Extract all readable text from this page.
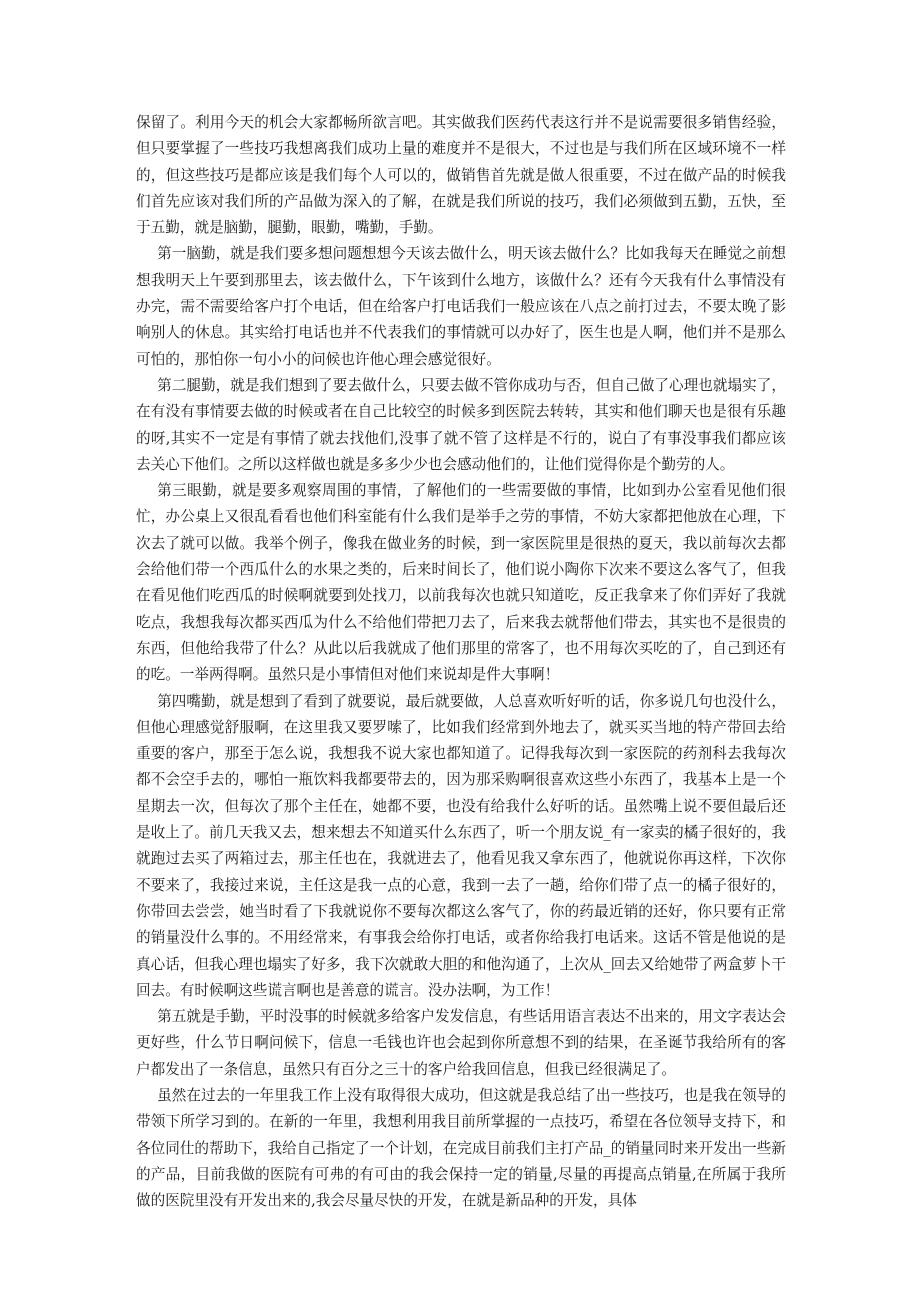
保留了。利用今天的机会大家都畅所欲言吧。其实做我们医药代表这行并不是说需要很多销售经验，但只要掌握了一些技巧我想离我们成功上量的难度并不是很大，不过也是与我们所在区域环境不一样的，但这些技巧是都应该是我们每个人可以的，做销售首先就是做人很重要，不过在做产品的时候我们首先应该对我们所的产品做为深入的了解，在就是我们所说的技巧，我们必须做到五勤，五快，至于五勤，就是脑勤，腿勤，眼勤，嘴勤，手勤。

第一脑勤，就是我们要多想问题想想今天该去做什么，明天该去做什么？比如我每天在睡觉之前想想我明天上午要到那里去，该去做什么，下午该到什么地方，该做什么？还有今天我有什么事情没有办完，需不需要给客户打个电话，但在给客户打电话我们一般应该在八点之前打过去，不要太晚了影响别人的休息。其实给打电话也并不代表我们的事情就可以办好了，医生也是人啊，他们并不是那么可怕的，那怕你一句小小的问候也许他心理会感觉很好。

第二腿勤，就是我们想到了要去做什么，只要去做不管你成功与否，但自己做了心理也就塌实了，在有没有事情要去做的时候或者在自己比较空的时候多到医院去转转，其实和他们聊天也是很有乐趣的呀,其实不一定是有事情了就去找他们,没事了就不管了这样是不行的，说白了有事没事我们都应该去关心下他们。之所以这样做也就是多多少少也会感动他们的，让他们觉得你是个勤劳的人。

第三眼勤，就是要多观察周围的事情，了解他们的一些需要做的事情，比如到办公室看见他们很忙，办公桌上又很乱看看也他们科室能有什么我们是举手之劳的事情，不妨大家都把他放在心理，下次去了就可以做。我举个例子，像我在做业务的时候，到一家医院里是很热的夏天，我以前每次去都会给他们带一个西瓜什么的水果之类的，后来时间长了，他们说小陶你下次来不要这么客气了，但我在看见他们吃西瓜的时候啊就要到处找刀，以前我每次也就只知道吃，反正我拿来了你们弄好了我就吃点，我想我每次都买西瓜为什么不给他们带把刀去了，后来我去就帮他们带去，其实也不是很贵的东西，但他给我带了什么？从此以后我就成了他们那里的常客了，也不用每次买吃的了，自己到还有的吃。一举两得啊。虽然只是小事情但对他们来说却是件大事啊！

第四嘴勤，就是想到了看到了就要说，最后就要做，人总喜欢听好听的话，你多说几句也没什么，但他心理感觉舒服啊，在这里我又要罗嗦了，比如我们经常到外地去了，就买买当地的特产带回去给重要的客户，那至于怎么说，我想我不说大家也都知道了。记得我每次到一家医院的药剂科去我每次都不会空手去的，哪怕一瓶饮料我都要带去的，因为那采购啊很喜欢这些小东西了，我基本上是一个星期去一次，但每次了那个主任在，她都不要，也没有给我什么好听的话。虽然嘴上说不要但最后还是收上了。前几天我又去，想来想去不知道买什么东西了，听一个朋友说_有一家卖的橘子很好的，我就跑过去买了两箱过去，那主任也在，我就进去了，他看见我又拿东西了，他就说你再这样，下次你不要来了，我接过来说，主任这是我一点的心意，我到一去了一趟，给你们带了点一的橘子很好的，你带回去尝尝，她当时看了下我就说你不要每次都这么客气了，你的药最近销的还好，你只要有正常的销量没什么事的。不用经常来，有事我会给你打电话，或者你给我打电话来。这话不管是他说的是真心话，但我心理也塌实了好多，我下次就敢大胆的和他沟通了，上次从_回去又给她带了两盒萝卜干回去。有时候啊这些谎言啊也是善意的谎言。没办法啊，为工作！

第五就是手勤，平时没事的时候就多给客户发发信息，有些话用语言表达不出来的，用文字表达会更好些，什么节日啊问候下，信息一毛钱也许也会起到你所意想不到的结果，在圣诞节我给所有的客户都发出了一条信息，虽然只有百分之三十的客户给我回信息，但我已经很满足了。

虽然在过去的一年里我工作上没有取得很大成功，但这就是我总结了出一些技巧，也是我在领导的带领下所学习到的。在新的一年里，我想利用我目前所掌握的一点技巧，希望在各位领导支持下，和各位同仕的帮助下，我给自己指定了一个计划，在完成目前我们主打产品_的销量同时来开发出一些新的产品，目前我做的医院有可弗的有可由的我会保持一定的销量,尽量的再提高点销量,在所属于我所做的医院里没有开发出来的,我会尽量尽快的开发，在就是新品种的开发，具体
